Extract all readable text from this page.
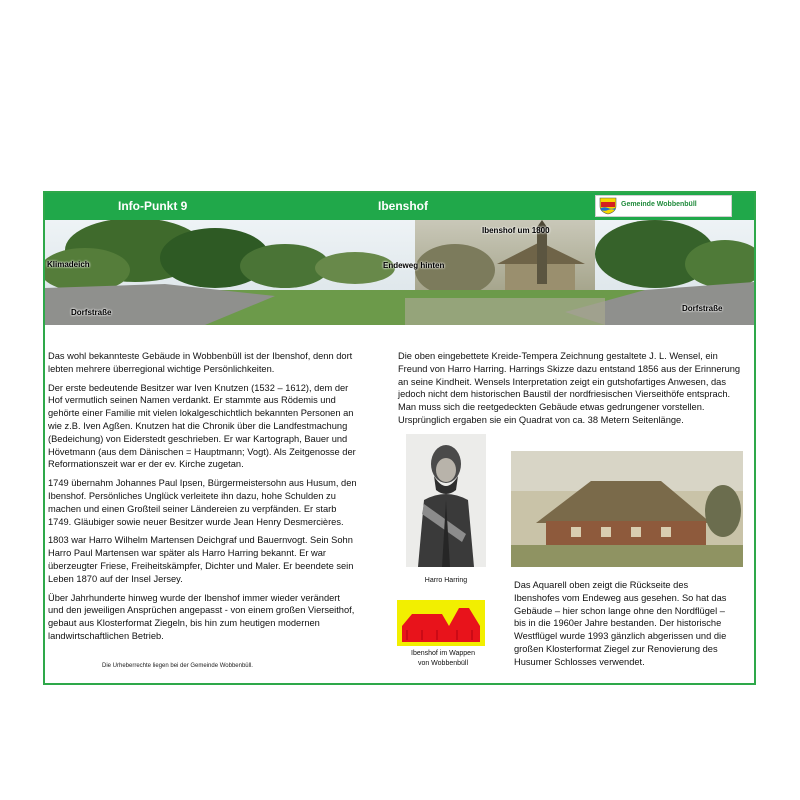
Info-Punkt 9	Ibenshof	Gemeinde Wobbenbüll
Klimadeich
Dorfstraße
Endeweg hinten
Ibenshof um 1800
Dorfstraße

Das wohl bekannteste Gebäude in Wobbenbüll ist der Ibenshof, denn dort
lebten mehrere überregional wichtige Persönlichkeiten.

Der erste bedeutende Besitzer war Iven Knutzen (1532 – 1612), dem der
Hof vermutlich seinen Namen verdankt. Er stammte aus Rödemis und
gehörte einer Familie mit vielen lokalgeschichtlich bekannten Personen an
wie z.B. Iven Agßen. Knutzen hat die Chronik über die Landfestmachung
(Bedeichung) von Eiderstedt geschrieben. Er war Kartograph, Bauer und
Hövetmann (aus dem Dänischen = Hauptmann; Vogt). Als Zeitgenosse der
Reformationszeit war er der ev. Kirche zugetan.

1749 übernahm Johannes Paul Ipsen, Bürgermeistersohn aus Husum, den
Ibenshof. Persönliches Unglück verleitete ihn dazu, hohe Schulden zu
machen und einen Großteil seiner Ländereien zu verpfänden. Er starb
1749. Gläubiger sowie neuer Besitzer wurde Jean Henry Desmercières.

1803 war Harro Wilhelm Martensen Deichgraf und Bauernvogt. Sein Sohn
Harro Paul Martensen war später als Harro Harring bekannt. Er war
überzeugter Friese, Freiheitskämpfer, Dichter und Maler. Er beendete sein
Leben 1870 auf der Insel Jersey.

Über Jahrhunderte hinweg wurde der Ibenshof immer wieder verändert
und den jeweiligen Ansprüchen angepasst - von einem großen Vierseithof,
gebaut aus Klosterformat Ziegeln, bis hin zum heutigen modernen
landwirtschaftlichen Betrieb.

Die Urheberrechte liegen bei der Gemeinde Wobbenbüll.

Die oben eingebettete Kreide-Tempera Zeichnung gestaltete J. L. Wensel, ein
Freund von Harro Harring. Harrings Skizze dazu entstand 1856 aus der Erinnerung
an seine Kindheit. Wensels Interpretation zeigt ein gutshofartiges Anwesen, das
jedoch nicht dem historischen Baustil der nordfriesischen Vierseithöfe entsprach.
Man muss sich die reetgedeckten Gebäude etwas gedrungener vorstellen.
Ursprünglich ergaben sie ein Quadrat von ca. 38 Metern Seitenlänge.

Harro Harring
Ibenshof im Wappen
von Wobbenbüll

Das Aquarell oben zeigt die Rückseite des
Ibenshofes vom Endeweg aus gesehen. So hat das
Gebäude – hier schon lange ohne den Nordflügel –
bis in die 1960er Jahre bestanden. Der historische
Westflügel wurde 1993 gänzlich abgerissen und die
großen Klosterformat Ziegel zur Renovierung des
Husumer Schlosses verwendet.
